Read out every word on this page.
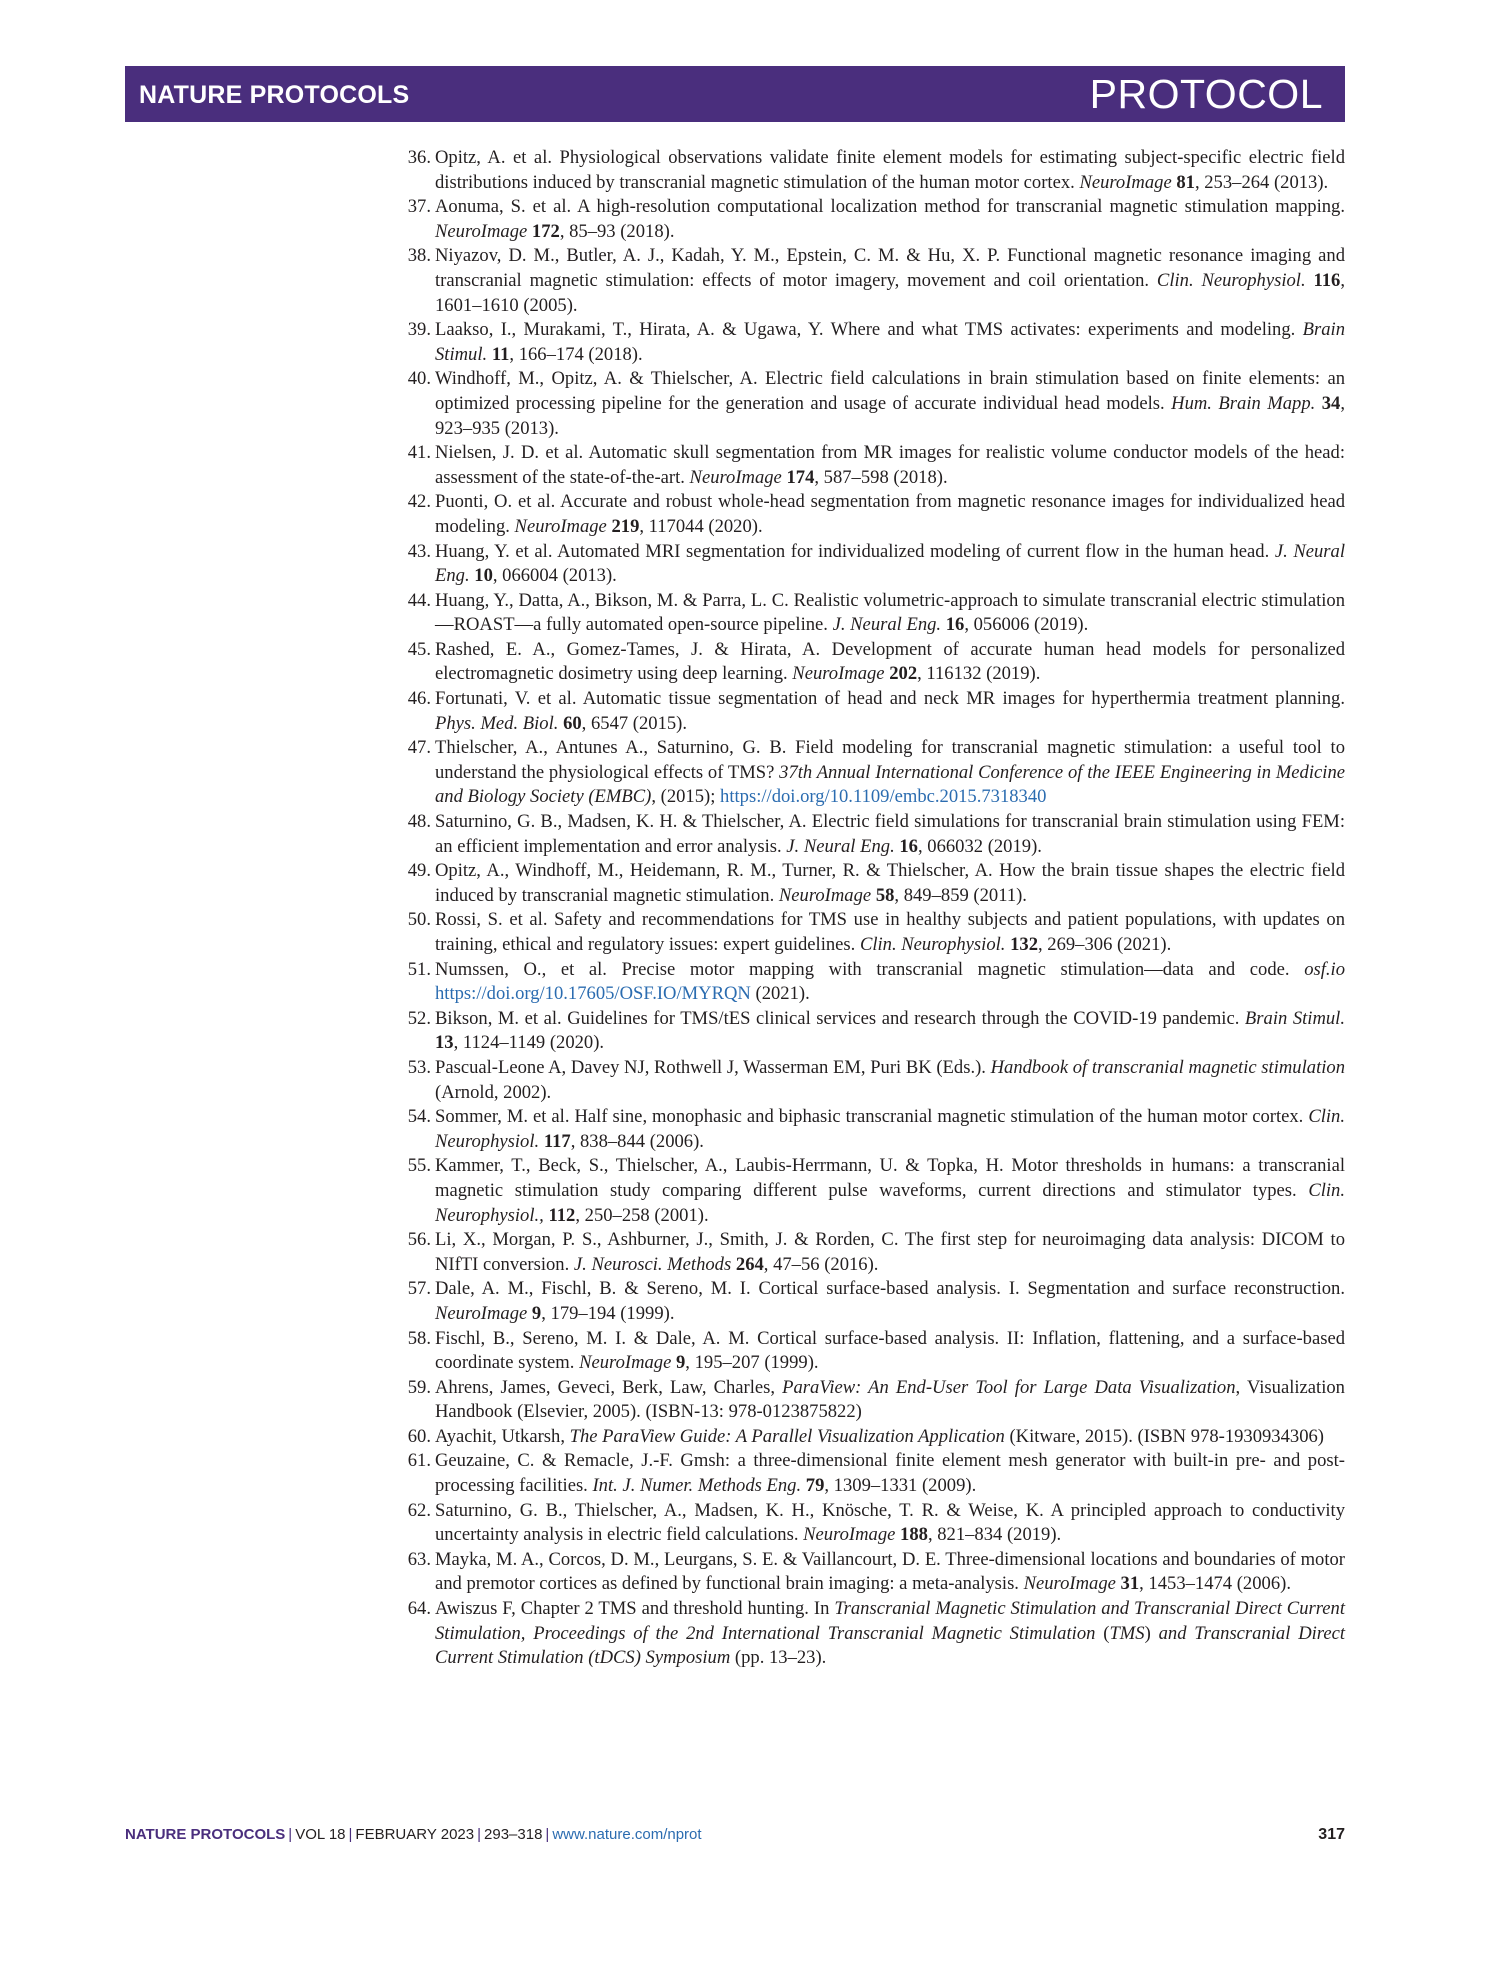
NATURE PROTOCOLS	PROTOCOL
36. Opitz, A. et al. Physiological observations validate finite element models for estimating subject-specific electric field distributions induced by transcranial magnetic stimulation of the human motor cortex. NeuroImage 81, 253–264 (2013).
37. Aonuma, S. et al. A high-resolution computational localization method for transcranial magnetic stimulation mapping. NeuroImage 172, 85–93 (2018).
38. Niyazov, D. M., Butler, A. J., Kadah, Y. M., Epstein, C. M. & Hu, X. P. Functional magnetic resonance imaging and transcranial magnetic stimulation: effects of motor imagery, movement and coil orientation. Clin. Neurophysiol. 116, 1601–1610 (2005).
39. Laakso, I., Murakami, T., Hirata, A. & Ugawa, Y. Where and what TMS activates: experiments and modeling. Brain Stimul. 11, 166–174 (2018).
40. Windhoff, M., Opitz, A. & Thielscher, A. Electric field calculations in brain stimulation based on finite elements: an optimized processing pipeline for the generation and usage of accurate individual head models. Hum. Brain Mapp. 34, 923–935 (2013).
41. Nielsen, J. D. et al. Automatic skull segmentation from MR images for realistic volume conductor models of the head: assessment of the state-of-the-art. NeuroImage 174, 587–598 (2018).
42. Puonti, O. et al. Accurate and robust whole-head segmentation from magnetic resonance images for individualized head modeling. NeuroImage 219, 117044 (2020).
43. Huang, Y. et al. Automated MRI segmentation for individualized modeling of current flow in the human head. J. Neural Eng. 10, 066004 (2013).
44. Huang, Y., Datta, A., Bikson, M. & Parra, L. C. Realistic volumetric-approach to simulate transcranial electric stimulation—ROAST—a fully automated open-source pipeline. J. Neural Eng. 16, 056006 (2019).
45. Rashed, E. A., Gomez-Tames, J. & Hirata, A. Development of accurate human head models for personalized electromagnetic dosimetry using deep learning. NeuroImage 202, 116132 (2019).
46. Fortunati, V. et al. Automatic tissue segmentation of head and neck MR images for hyperthermia treatment planning. Phys. Med. Biol. 60, 6547 (2015).
47. Thielscher, A., Antunes A., Saturnino, G. B. Field modeling for transcranial magnetic stimulation: a useful tool to understand the physiological effects of TMS? 37th Annual International Conference of the IEEE Engineering in Medicine and Biology Society (EMBC), (2015); https://doi.org/10.1109/embc.2015.7318340
48. Saturnino, G. B., Madsen, K. H. & Thielscher, A. Electric field simulations for transcranial brain stimulation using FEM: an efficient implementation and error analysis. J. Neural Eng. 16, 066032 (2019).
49. Opitz, A., Windhoff, M., Heidemann, R. M., Turner, R. & Thielscher, A. How the brain tissue shapes the electric field induced by transcranial magnetic stimulation. NeuroImage 58, 849–859 (2011).
50. Rossi, S. et al. Safety and recommendations for TMS use in healthy subjects and patient populations, with updates on training, ethical and regulatory issues: expert guidelines. Clin. Neurophysiol. 132, 269–306 (2021).
51. Numssen, O., et al. Precise motor mapping with transcranial magnetic stimulation—data and code. osf.io https://doi.org/10.17605/OSF.IO/MYRQN (2021).
52. Bikson, M. et al. Guidelines for TMS/tES clinical services and research through the COVID-19 pandemic. Brain Stimul. 13, 1124–1149 (2020).
53. Pascual-Leone A, Davey NJ, Rothwell J, Wasserman EM, Puri BK (Eds.). Handbook of transcranial magnetic stimulation (Arnold, 2002).
54. Sommer, M. et al. Half sine, monophasic and biphasic transcranial magnetic stimulation of the human motor cortex. Clin. Neurophysiol. 117, 838–844 (2006).
55. Kammer, T., Beck, S., Thielscher, A., Laubis-Herrmann, U. & Topka, H. Motor thresholds in humans: a transcranial magnetic stimulation study comparing different pulse waveforms, current directions and stimulator types. Clin. Neurophysiol., 112, 250–258 (2001).
56. Li, X., Morgan, P. S., Ashburner, J., Smith, J. & Rorden, C. The first step for neuroimaging data analysis: DICOM to NIfTI conversion. J. Neurosci. Methods 264, 47–56 (2016).
57. Dale, A. M., Fischl, B. & Sereno, M. I. Cortical surface-based analysis. I. Segmentation and surface reconstruction. NeuroImage 9, 179–194 (1999).
58. Fischl, B., Sereno, M. I. & Dale, A. M. Cortical surface-based analysis. II: Inflation, flattening, and a surface-based coordinate system. NeuroImage 9, 195–207 (1999).
59. Ahrens, James, Geveci, Berk, Law, Charles, ParaView: An End-User Tool for Large Data Visualization, Visualization Handbook (Elsevier, 2005). (ISBN-13: 978-0123875822)
60. Ayachit, Utkarsh, The ParaView Guide: A Parallel Visualization Application (Kitware, 2015). (ISBN 978-1930934306)
61. Geuzaine, C. & Remacle, J.-F. Gmsh: a three-dimensional finite element mesh generator with built-in pre- and post-processing facilities. Int. J. Numer. Methods Eng. 79, 1309–1331 (2009).
62. Saturnino, G. B., Thielscher, A., Madsen, K. H., Knösche, T. R. & Weise, K. A principled approach to conductivity uncertainty analysis in electric field calculations. NeuroImage 188, 821–834 (2019).
63. Mayka, M. A., Corcos, D. M., Leurgans, S. E. & Vaillancourt, D. E. Three-dimensional locations and boundaries of motor and premotor cortices as defined by functional brain imaging: a meta-analysis. NeuroImage 31, 1453–1474 (2006).
64. Awiszus F, Chapter 2 TMS and threshold hunting. In Transcranial Magnetic Stimulation and Transcranial Direct Current Stimulation, Proceedings of the 2nd International Transcranial Magnetic Stimulation (TMS) and Transcranial Direct Current Stimulation (tDCS) Symposium (pp. 13–23).
NATURE PROTOCOLS | VOL 18 | FEBRUARY 2023 | 293–318 | www.nature.com/nprot	317
